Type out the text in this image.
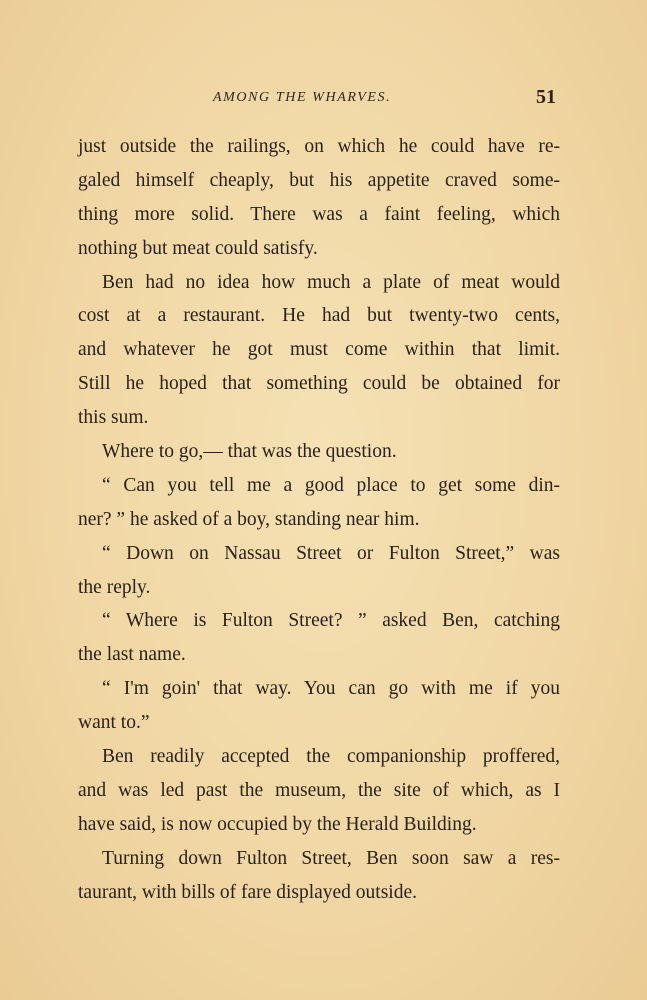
AMONG THE WHARVES.	51
just outside the railings, on which he could have re-
galed himself cheaply, but his appetite craved some-
thing more solid. There was a faint feeling, which
nothing but meat could satisfy.
Ben had no idea how much a plate of meat would
cost at a restaurant. He had but twenty-two cents,
and whatever he got must come within that limit.
Still he hoped that something could be obtained for
this sum.
Where to go,— that was the question.
“ Can you tell me a good place to get some din-
ner? ” he asked of a boy, standing near him.
“ Down on Nassau Street or Fulton Street,” was
the reply.
“ Where is Fulton Street? ” asked Ben, catching
the last name.
“ I'm goin' that way. You can go with me if you
want to.”
Ben readily accepted the companionship proffered,
and was led past the museum, the site of which, as I
have said, is now occupied by the Herald Building.
Turning down Fulton Street, Ben soon saw a res-
taurant, with bills of fare displayed outside.
